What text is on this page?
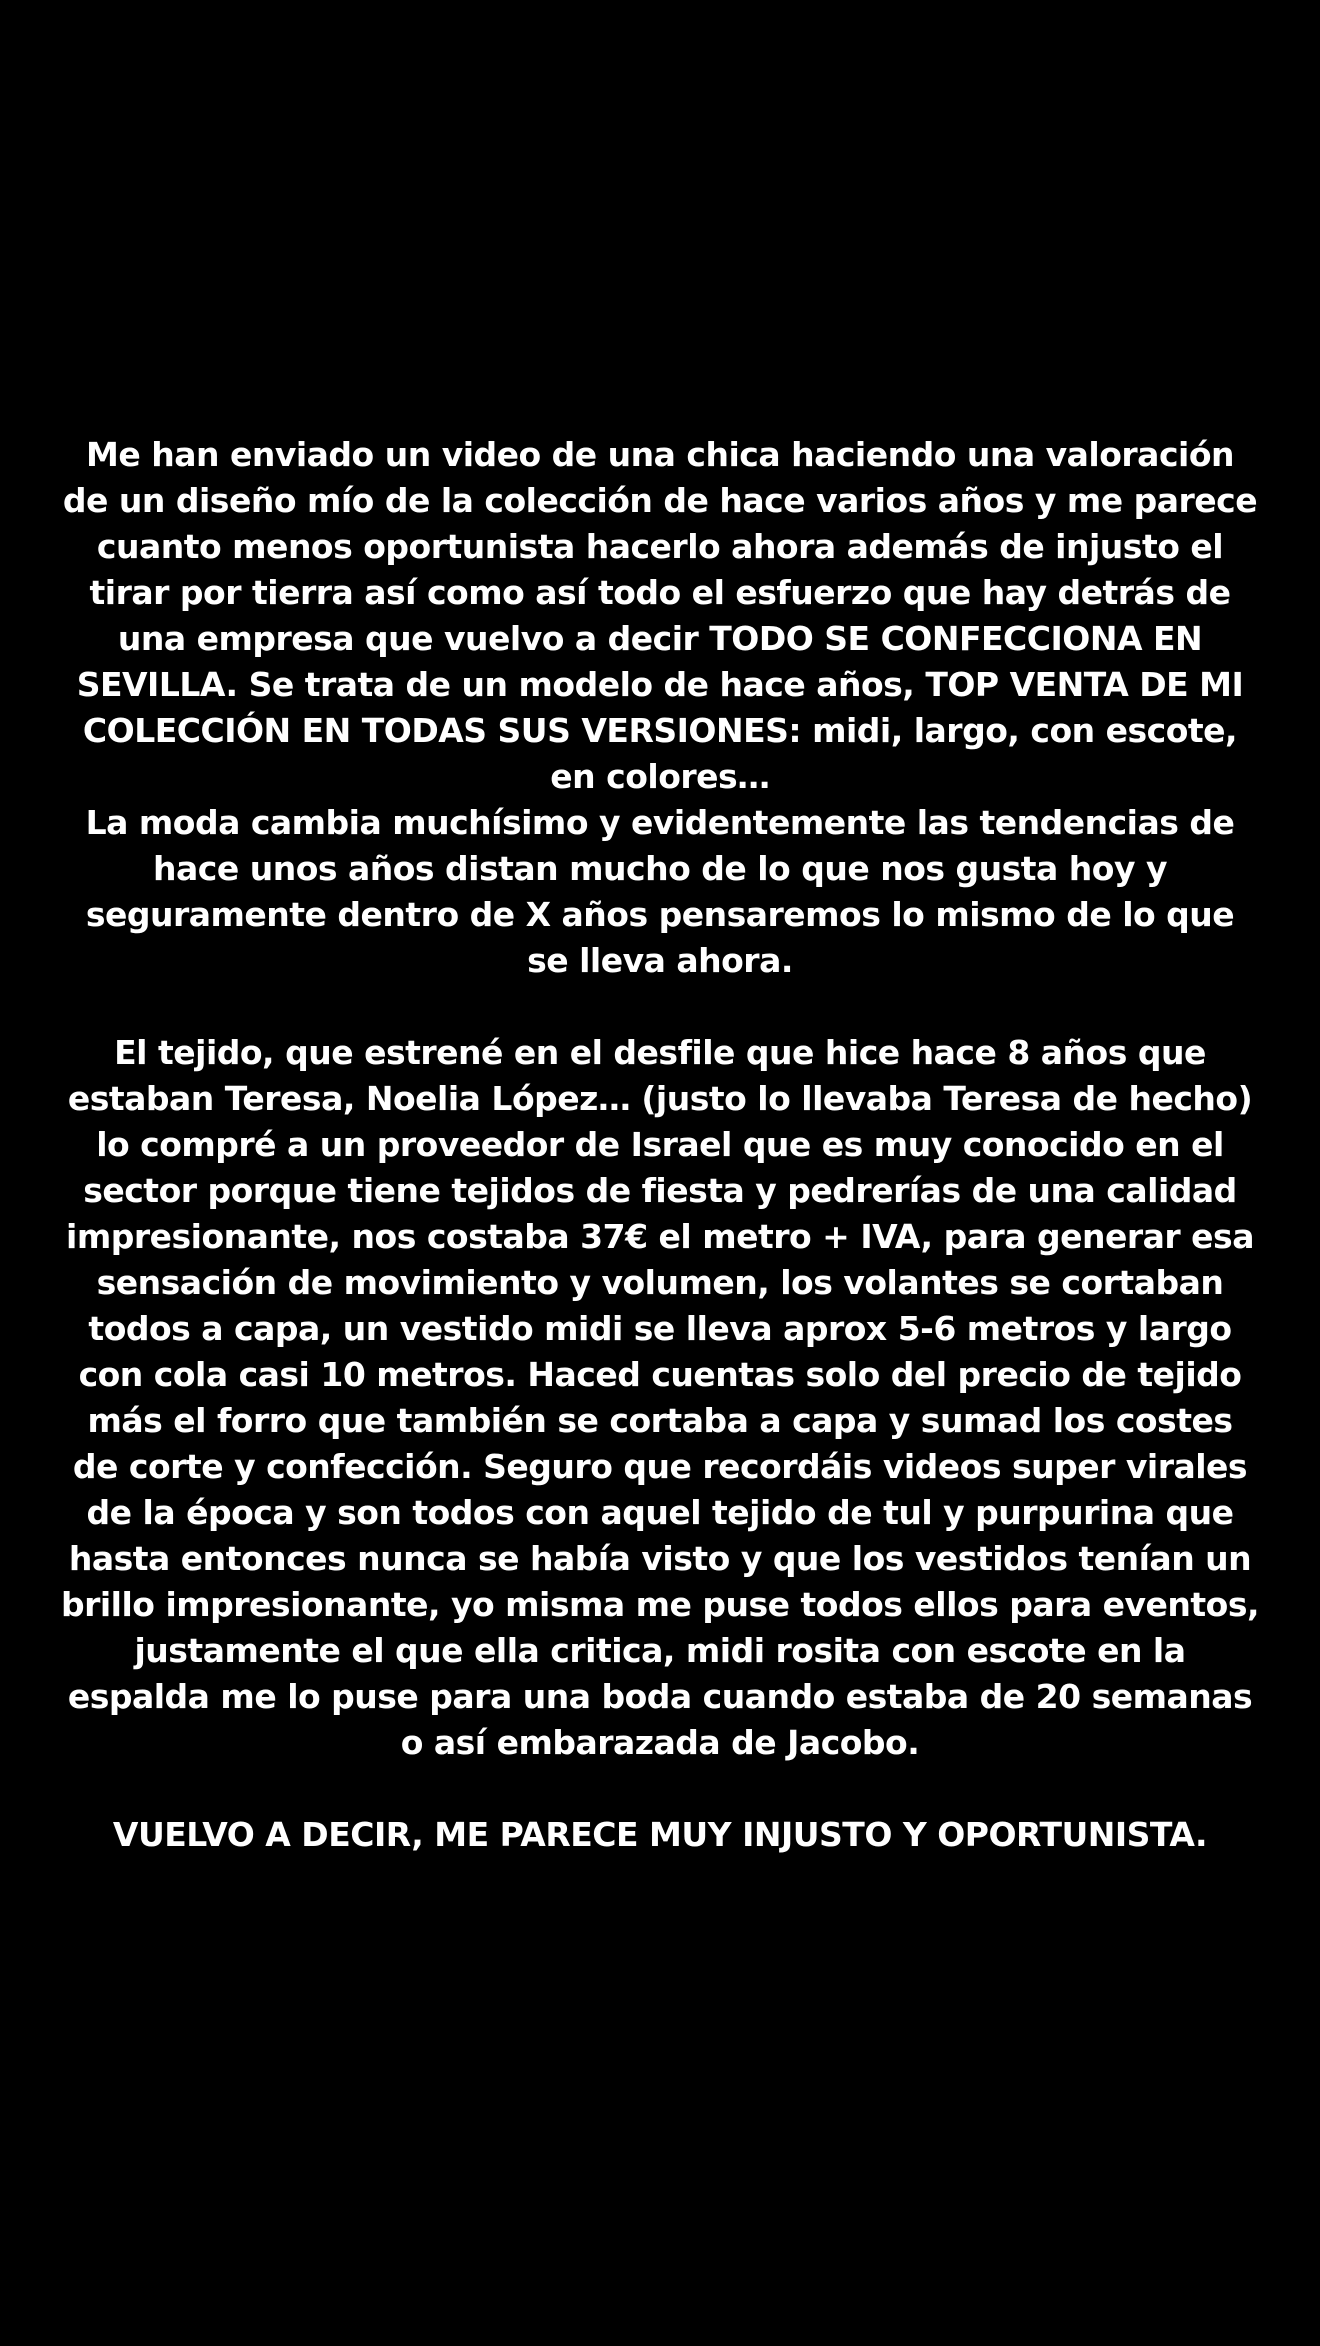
Me han enviado un video de una chica haciendo una valoración de un diseño mío de la colección de hace varios años y me parece cuanto menos oportunista hacerlo ahora además de injusto el tirar por tierra así como así todo el esfuerzo que hay detrás de una empresa que vuelvo a decir TODO SE CONFECCIONA EN SEVILLA. Se trata de un modelo de hace años, TOP VENTA DE MI COLECCIÓN EN TODAS SUS VERSIONES: midi, largo, con escote, en colores…

La moda cambia muchísimo y evidentemente las tendencias de hace unos años distan mucho de lo que nos gusta hoy y seguramente dentro de X años pensaremos lo mismo de lo que se lleva ahora.

El tejido, que estrené en el desfile que hice hace 8 años que estaban Teresa, Noelia López… (justo lo llevaba Teresa de hecho) lo compré a un proveedor de Israel que es muy conocido en el sector porque tiene tejidos de fiesta y pedrerías de una calidad impresionante, nos costaba 37€ el metro + IVA, para generar esa sensación de movimiento y volumen, los volantes se cortaban todos a capa, un vestido midi se lleva aprox 5-6 metros y largo con cola casi 10 metros. Haced cuentas solo del precio de tejido más el forro que también se cortaba a capa y sumad los costes de corte y confección. Seguro que recordáis videos super virales de la época y son todos con aquel tejido de tul y purpurina que hasta entonces nunca se había visto y que los vestidos tenían un brillo impresionante, yo misma me puse todos ellos para eventos, justamente el que ella critica, midi rosita con escote en la espalda me lo puse para una boda cuando estaba de 20 semanas o así embarazada de Jacobo.

VUELVO A DECIR, ME PARECE MUY INJUSTO Y OPORTUNISTA.
